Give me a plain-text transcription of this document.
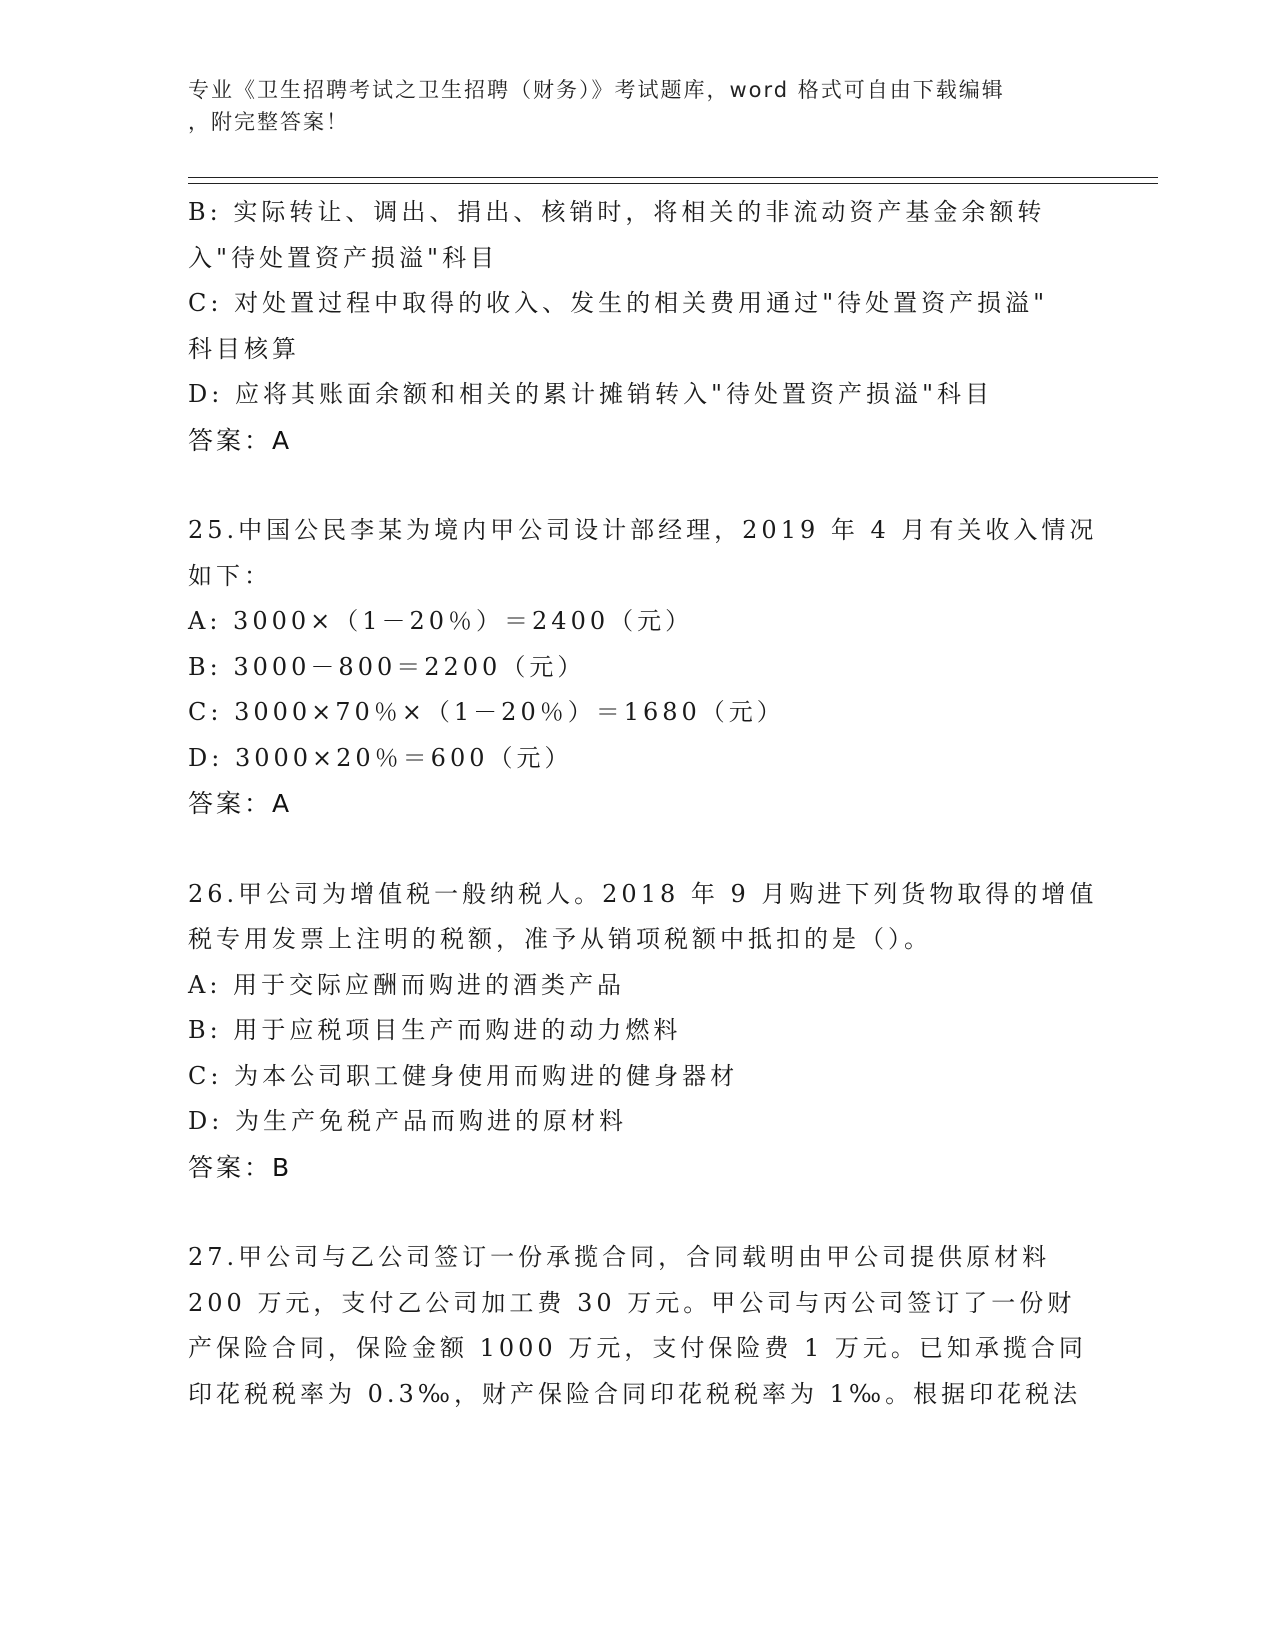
专业《卫生招聘考试之卫生招聘（财务）》考试题库，word 格式可自由下载编辑
，附完整答案！
B: 实际转让、调出、捐出、核销时，将相关的非流动资产基金余额转
入"待处置资产损溢"科目
C: 对处置过程中取得的收入、发生的相关费用通过"待处置资产损溢"
科目核算
D: 应将其账面余额和相关的累计摊销转入"待处置资产损溢"科目
答案：A
25.中国公民李某为境内甲公司设计部经理，2019 年 4 月有关收入情况
如下：
A: 3000×（1－20％）＝2400（元）
B: 3000－800＝2200（元）
C: 3000×70％×（1－20％）＝1680（元）
D: 3000×20％＝600（元）
答案：A
26.甲公司为增值税一般纳税人。2018 年 9 月购进下列货物取得的增值
税专用发票上注明的税额，准予从销项税额中抵扣的是（）。
A: 用于交际应酬而购进的酒类产品
B: 用于应税项目生产而购进的动力燃料
C: 为本公司职工健身使用而购进的健身器材
D: 为生产免税产品而购进的原材料
答案：B
27.甲公司与乙公司签订一份承揽合同，合同载明由甲公司提供原材料
200 万元，支付乙公司加工费 30 万元。甲公司与丙公司签订了一份财
产保险合同，保险金额 1000 万元，支付保险费 1 万元。已知承揽合同
印花税税率为 0.3‰，财产保险合同印花税税率为 1‰。根据印花税法
